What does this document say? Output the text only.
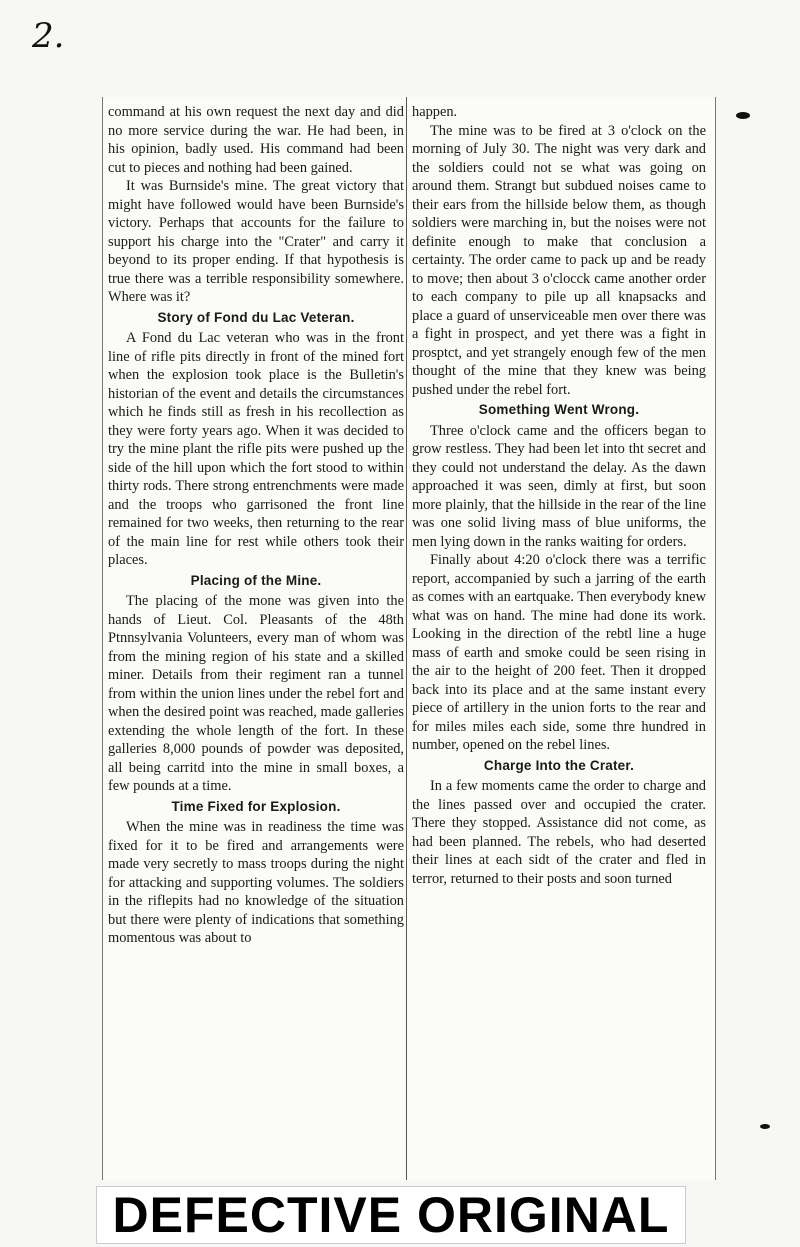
2.

command at his own request the next day and did no more service during the war. He had been, in his opinion, badly used. His command had been cut to pieces and nothing had been gained.

It was Burnside's mine. The great victory that might have followed would have been Burnside's victory. Perhaps that accounts for the failure to support his charge into the "Crater" and carry it beyond to its proper ending. If that hypothesis is true there was a terrible responsibility somewhere. Where was it?

Story of Fond du Lac Veteran.

A Fond du Lac veteran who was in the front line of rifle pits directly in front of the mined fort when the explosion took place is the Bulletin's historian of the event and details the circumstances which he finds still as fresh in his recollection as they were forty years ago. When it was decided to try the mine plant the rifle pits were pushed up the side of the hill upon which the fort stood to within thirty rods. There strong entrenchments were made and the troops who garrisoned the front line remained for two weeks, then returning to the rear of the main line for rest while others took their places.

Placing of the Mine.

The placing of the mone was given into the hands of Lieut. Col. Pleasants of the 48th Ptnnsylvania Volunteers, every man of whom was from the mining region of his state and a skilled miner. Details from their regiment ran a tunnel from within the union lines under the rebel fort and when the desired point was reached, made galleries extending the whole length of the fort. In these galleries 8,000 pounds of powder was deposited, all being carritd into the mine in small boxes, a few pounds at a time.

Time Fixed for Explosion.

When the mine was in readiness the time was fixed for it to be fired and arrangements were made very secretly to mass troops during the night for attacking and supporting volumes. The soldiers in the riflepits had no knowledge of the situation but there were plenty of indications that something momentous was about to

happen.

The mine was to be fired at 3 o'clock on the morning of July 30. The night was very dark and the soldiers could not se what was going on around them. Strangt but subdued noises came to their ears from the hillside below them, as though soldiers were marching in, but the noises were not definite enough to make that conclusion a certainty. The order came to pack up and be ready to move; then about 3 o'clocck came another order to each company to pile up all knapsacks and place a guard of unserviceable men over there was a fight in prospect, and yet there was a fight in prosptct, and yet strangely enough few of the men thought of the mine that they knew was being pushed under the rebel fort.

Something Went Wrong.

Three o'clock came and the officers began to grow restless. They had been let into tht secret and they could not understand the delay. As the dawn approached it was seen, dimly at first, but soon more plainly, that the hillside in the rear of the line was one solid living mass of blue uniforms, the men lying down in the ranks waiting for orders.

Finally about 4:20 o'clock there was a terrific report, accompanied by such a jarring of the earth as comes with an eartquake. Then everybody knew what was on hand. The mine had done its work. Looking in the direction of the rebtl line a huge mass of earth and smoke could be seen rising in the air to the height of 200 feet. Then it dropped back into its place and at the same instant every piece of artillery in the union forts to the rear and for miles miles each side, some thre hundred in number, opened on the rebel lines.

Charge Into the Crater.

In a few moments came the order to charge and the lines passed over and occupied the crater. There they stopped. Assistance did not come, as had been planned. The rebels, who had deserted their lines at each sidt of the crater and fled in terror, returned to their posts and soon turned

DEFECTIVE ORIGINAL
